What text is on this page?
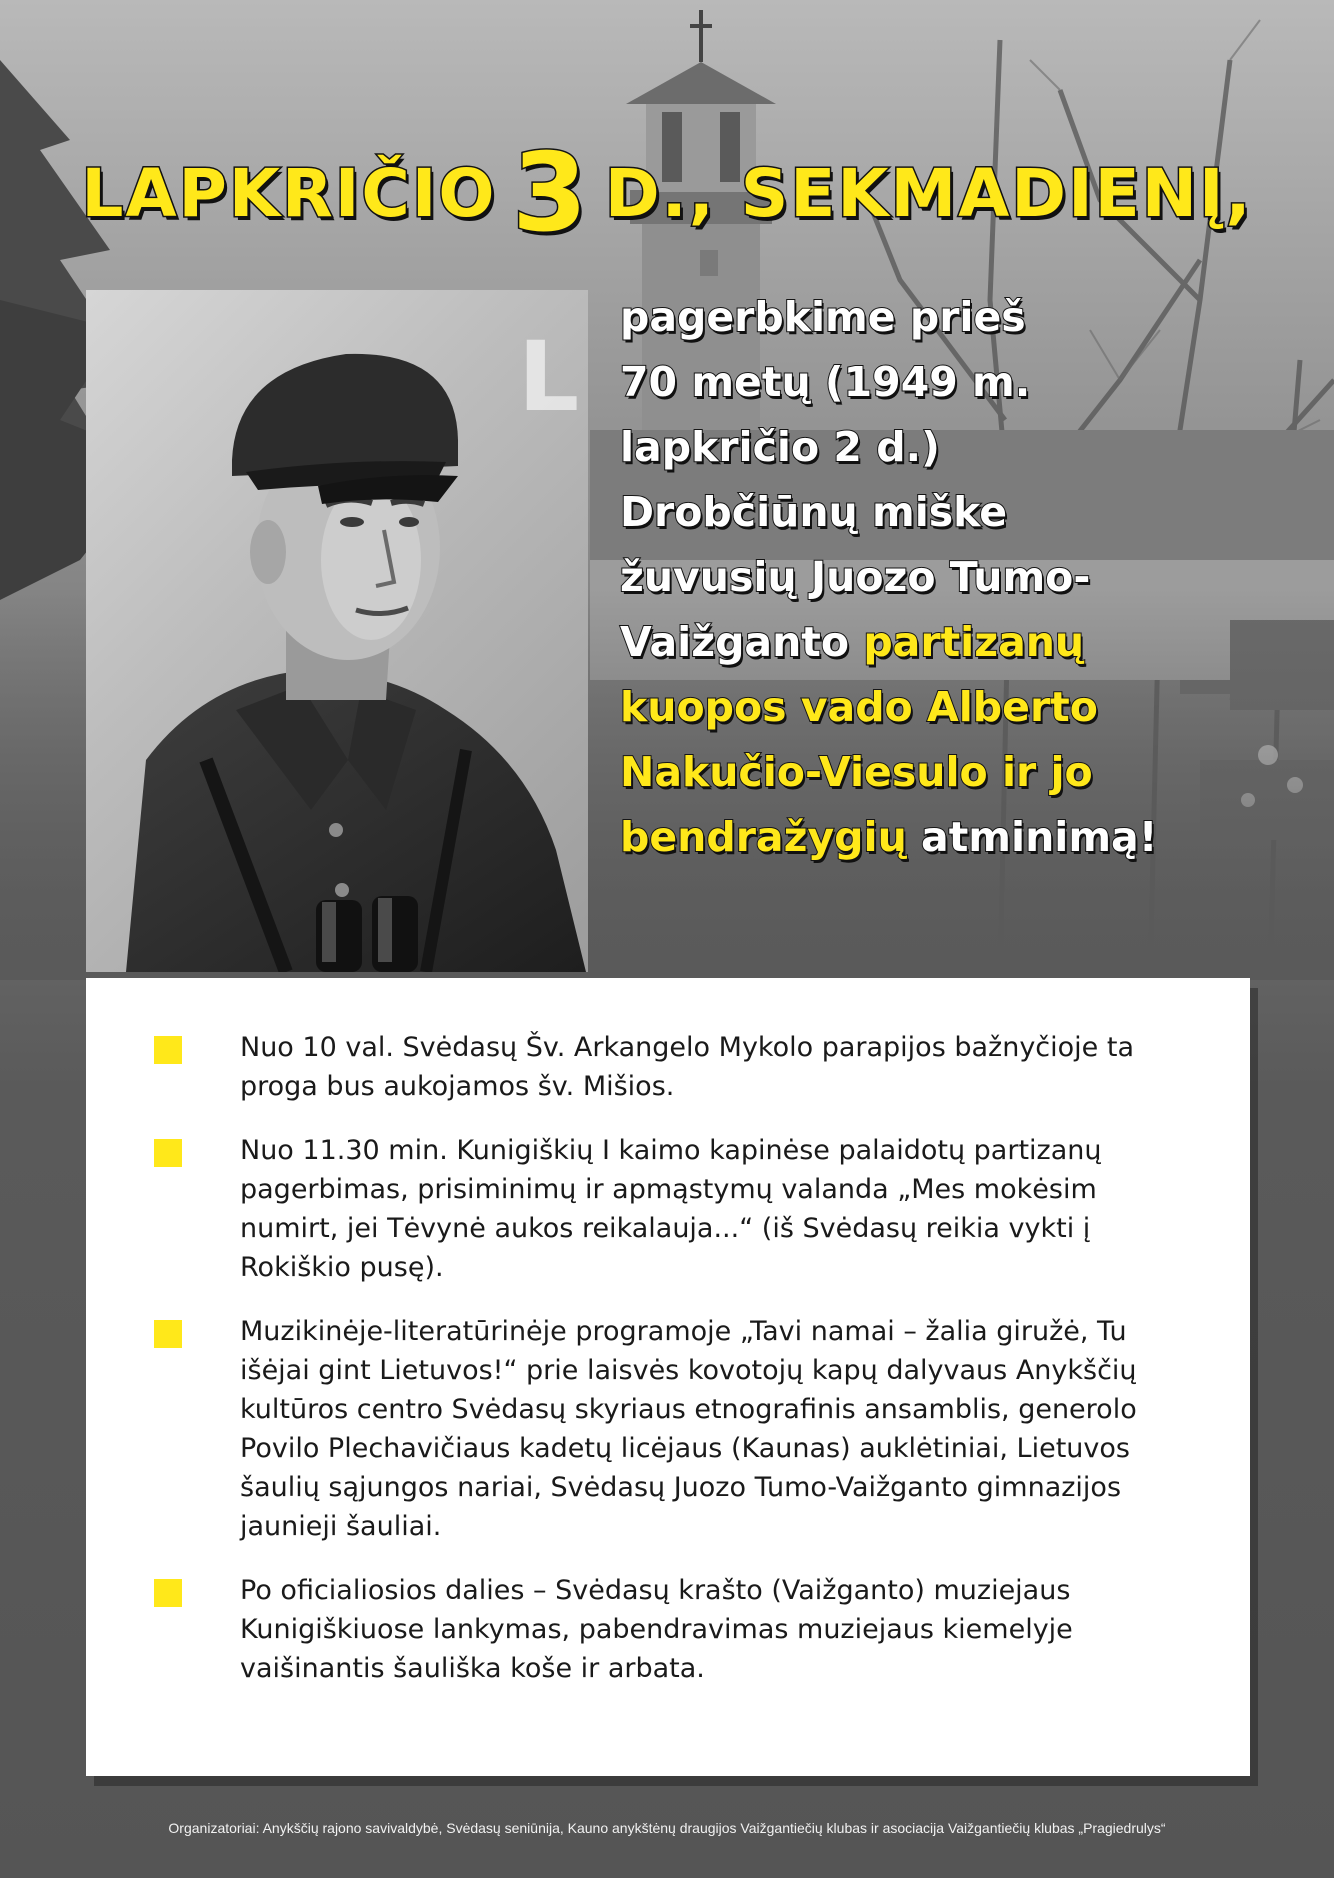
LAPKRIČIO 3 D., SEKMADIENĮ,
L
pagerbkime prieš
70 metų (1949 m.
lapkričio 2 d.)
Drobčiūnų miške
žuvusių Juozo Tumo-
Vaižganto partizanų
kuopos vado Alberto
Nakučio-Viesulo ir jo
bendražygių atminimą!
Nuo 10 val. Svėdasų Šv. Arkangelo Mykolo parapijos bažnyčioje ta proga bus aukojamos šv. Mišios.
Nuo 11.30 min. Kunigiškių I kaimo kapinėse palaidotų partizanų pagerbimas, prisiminimų ir apmąstymų valanda „Mes mokėsim numirt, jei Tėvynė aukos reikalauja...“ (iš Svėdasų reikia vykti į Rokiškio pusę).
Muzikinėje-literatūrinėje programoje „Tavi namai – žalia giružė, Tu išėjai gint Lietuvos!“ prie laisvės kovotojų kapų dalyvaus Anykščių kultūros centro Svėdasų skyriaus etnografinis ansamblis, generolo Povilo Plechavičiaus kadetų licėjaus (Kaunas) auklėtiniai, Lietuvos šaulių sąjungos nariai, Svėdasų Juozo Tumo-Vaižganto gimnazijos jaunieji šauliai.
Po oficialiosios dalies – Svėdasų krašto (Vaižganto) muziejaus Kunigiškiuose lankymas, pabendravimas muziejaus kiemelyje vaišinantis šauliška koše ir arbata.
Organizatoriai: Anykščių rajono savivaldybė, Svėdasų seniūnija, Kauno anykštėnų draugijos Vaižgantiečių klubas ir asociacija Vaižgantiečių klubas „Pragiedrulys“
